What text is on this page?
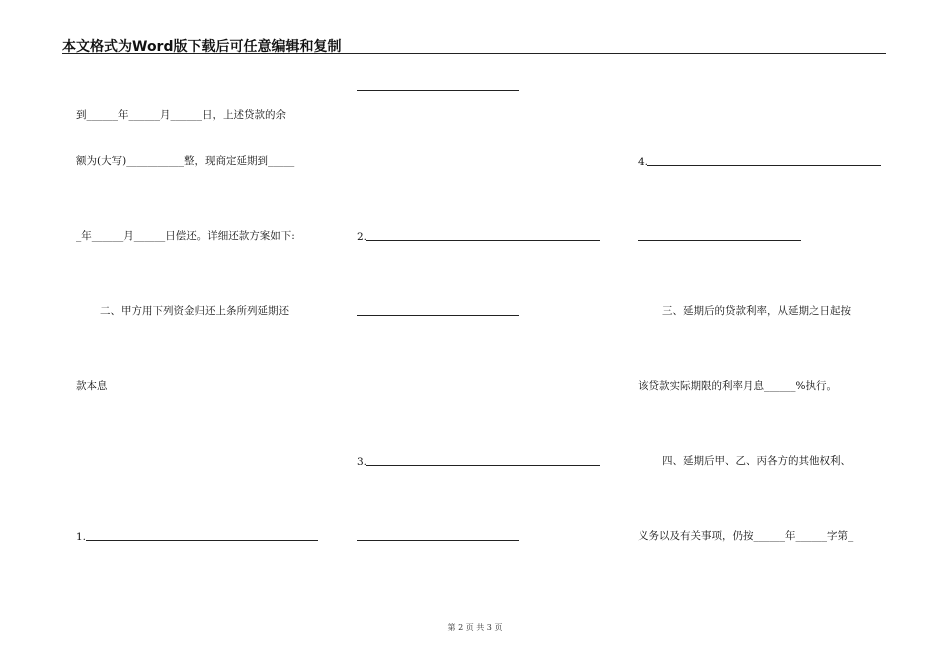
本文格式为Word版下载后可任意编辑和复制
到______年______月______日，上述贷款的余
额为(大写)___________整，现商定延期到_____
_年______月______日偿还。详细还款方案如下:
二、甲方用下列资金归还上条所列延期还
款本息
1.
2.
3.
4.
三、延期后的贷款利率，从延期之日起按
该贷款实际期限的利率月息______%执行。
四、延期后甲、乙、丙各方的其他权利、
义务以及有关事项，仍按______年______字第_
第 2 页 共 3 页
